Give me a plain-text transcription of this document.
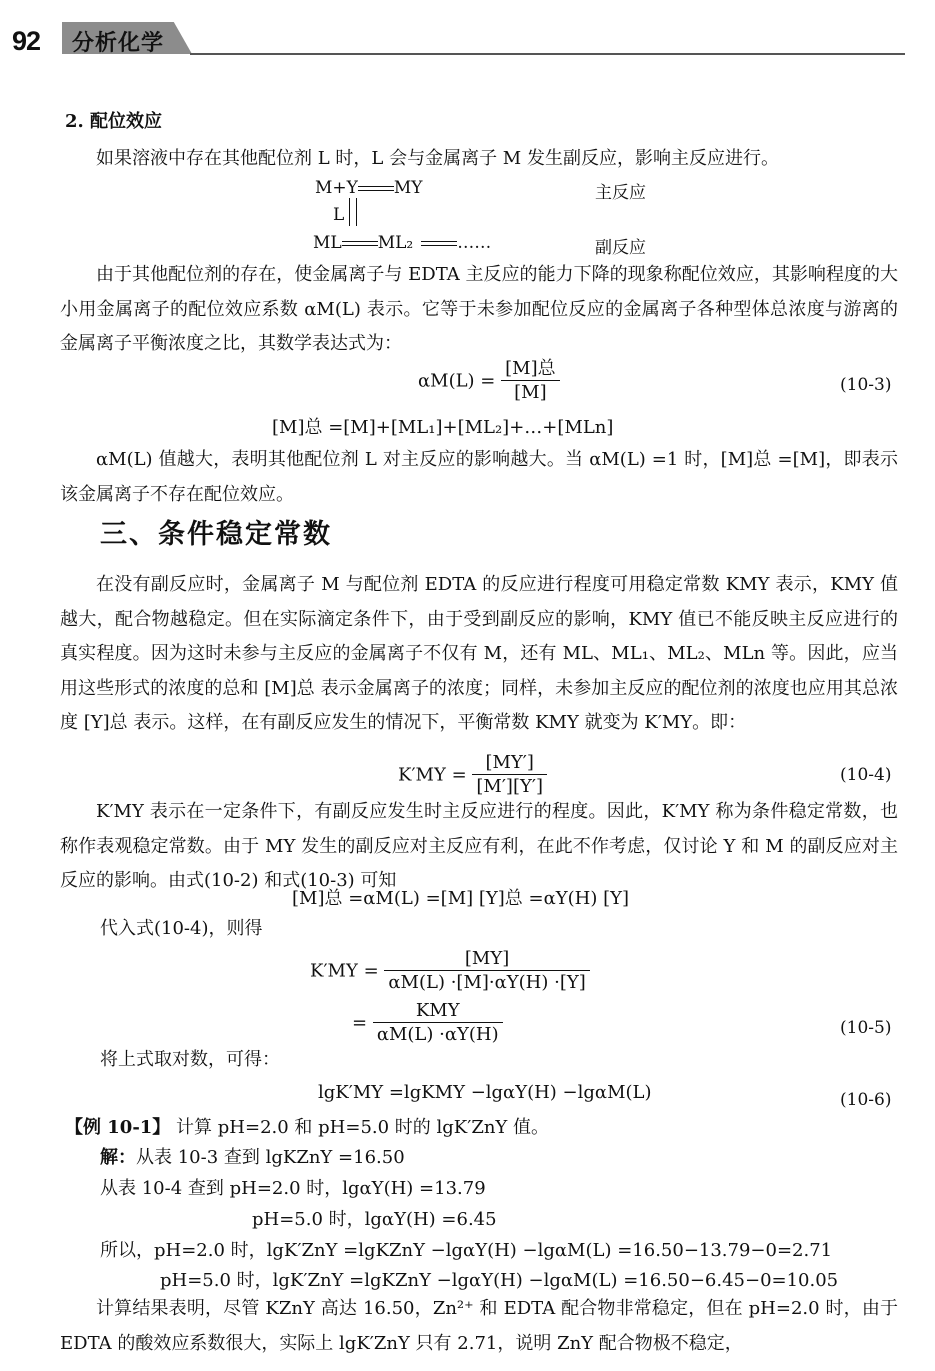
92 分析化学
2. 配位效应
如果溶液中存在其他配位剂 L 时，L 会与金属离子 M 发生副反应，影响主反应进行。
M+Y MY	主反应
L
ML ML₂	……	副反应
由于其他配位剂的存在，使金属离子与 EDTA 主反应的能力下降的现象称配位效应，其影响程度的大小用金属离子的配位效应系数 αM(L) 表示。它等于未参加配位反应的金属离子各种型体总浓度与游离的金属离子平衡浓度之比，其数学表达式为：
$\alpha M(L) = \frac{\text{[M]总}}{[M]}$	(10-3)
[M]总 =[M]+[ML₁]+[ML₂]+…+[MLn]
αM(L) 值越大，表明其他配位剂 L 对主反应的影响越大。当 αM(L) =1 时，[M]总 =[M]，即表示该金属离子不存在配位效应。
三、条件稳定常数
在没有副反应时，金属离子 M 与配位剂 EDTA 的反应进行程度可用稳定常数 KMY 表示，KMY 值越大，配合物越稳定。但在实际滴定条件下，由于受到副反应的影响，KMY 值已不能反映主反应进行的真实程度。因为这时未参与主反应的金属离子不仅有 M，还有 ML、ML₁、ML₂、MLn 等。因此，应当用这些形式的浓度的总和 [M]总 表示金属离子的浓度；同样，未参加主反应的配位剂的浓度也应用其总浓度 [Y]总 表示。这样，在有副反应发生的情况下，平衡常数 KMY 就变为 K′MY。即：
$K'MY = \frac{[MY']}{[M'][Y']}$	(10-4)
K′MY 表示在一定条件下，有副反应发生时主反应进行的程度。因此，K′MY 称为条件稳定常数，也称作表观稳定常数。由于 MY 发生的副反应对主反应有利，在此不作考虑，仅讨论 Y 和 M 的副反应对主反应的影响。由式(10-2) 和式(10-3) 可知
[M]总 =αM(L) =[M] [Y]总 =αY(H) [Y]
代入式(10-4)，则得
$K'MY = \frac{[MY]}{\alpha M(L) \cdot[M]\cdot\alpha Y(H) \cdot[Y]}$
= $\frac{\text{KMY}}{\alpha M(L) \cdot\alpha Y(H)}$	(10-5)
将上式取对数，可得：
lgK′MY =lgKMY −lgαY(H) −lgαM(L)	(10-6)
【例 10-1】 计算 pH=2.0 和 pH=5.0 时的 lgK′ZnY 值。
解：从表 10-3 查到 lgKZnY =16.50
从表 10-4 查到 pH=2.0 时，lgαY(H) =13.79
pH=5.0 时，lgαY(H) =6.45
所以，pH=2.0 时，lgK′ZnY =lgKZnY −lgαY(H) −lgαM(L) =16.50−13.79−0=2.71
pH=5.0 时，lgK′ZnY =lgKZnY −lgαY(H) −lgαM(L) =16.50−6.45−0=10.05
计算结果表明，尽管 KZnY 高达 16.50，Zn²⁺ 和 EDTA 配合物非常稳定，但在 pH=2.0 时，由于 EDTA 的酸效应系数很大，实际上 lgK′ZnY 只有 2.71，说明 ZnY 配合物极不稳定，
